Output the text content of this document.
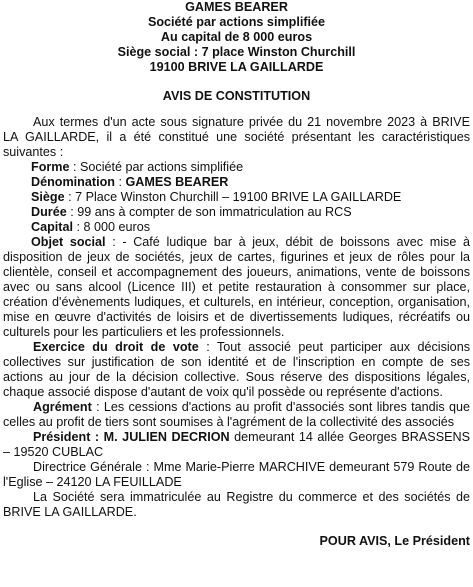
GAMES BEARER
Société par actions simplifiée
Au capital de 8 000 euros
Siège social : 7 place Winston Churchill
19100 BRIVE LA GAILLARDE
AVIS DE CONSTITUTION

Aux termes d'un acte sous signature privée du 21 novembre 2023 à BRIVE LA GAILLARDE, il a été constitué une société présentant les caractéristiques suivantes :

Forme : Société par actions simplifiée

Dénomination : GAMES BEARER

Siège : 7 Place Winston Churchill – 19100 BRIVE LA GAILLARDE

Durée : 99 ans à compter de son immatriculation au RCS

Capital : 8 000 euros

Objet social : - Café ludique bar à jeux, débit de boissons avec mise à disposition de jeux de sociétés, jeux de cartes, figurines et jeux de rôles pour la clientèle, conseil et accompagnement des joueurs, animations, vente de boissons avec ou sans alcool (Licence III) et petite restauration à consommer sur place, création d'évènements ludiques, et culturels, en intérieur, conception, organisation, mise en œuvre d'activités de loisirs et de divertissements ludiques, récréatifs ou culturels pour les particuliers et les professionnels.

Exercice du droit de vote : Tout associé peut participer aux décisions collectives sur justification de son identité et de l'inscription en compte de ses actions au jour de la décision collective. Sous réserve des dispositions légales, chaque associé dispose d'autant de voix qu'il possède ou représente d'actions.

Agrément : Les cessions d'actions au profit d'associés sont libres tandis que celles au profit de tiers sont soumises à l'agrément de la collectivité des associés

Président : M. JULIEN DECRION demeurant 14 allée Georges BRASSENS – 19520 CUBLAC

Directrice Générale : Mme Marie-Pierre MARCHIVE demeurant 579 Route de l'Eglise – 24120 LA FEUILLADE

La Société sera immatriculée au Registre du commerce et des sociétés de BRIVE LA GAILLARDE.

POUR AVIS, Le Président
